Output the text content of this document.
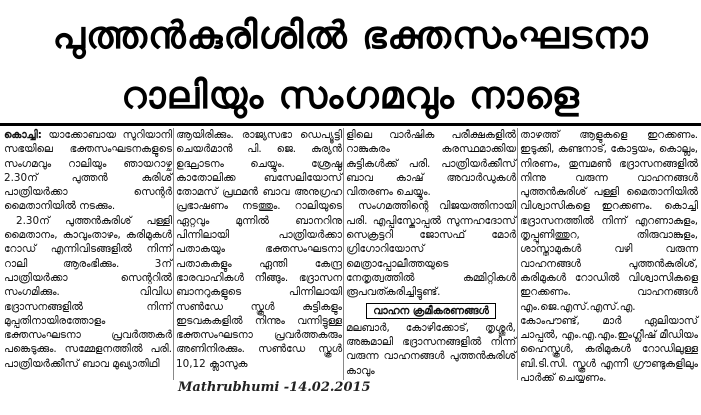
പുത്തൻകുരിശിൽ ഭക്തസംഘടനാ
റാലിയും സംഗമവും നാളെ

കൊച്ചി: യാക്കോബായ സുറിയാനി സഭയിലെ ഭക്തസംഘടനകളുടെ സംഗമവും റാലിയും ഞായറാഴ്ച 2.30ന് പുത്തൻ കുരിശ് പാത്രിയർക്കാ സെന്റർ മൈതാനിയിൽ നടക്കും.

2.30ന് പുത്തൻകുരിശ് പള്ളി മൈതാനം, കാവുംതാഴം, കരിമുകൾ റോഡ് എന്നിവിടങ്ങളിൽ നിന്ന് റാലി ആരംഭിക്കും. 3ന് പാത്രിയർക്കാ സെന്ററിൽ സംഗമിക്കും. വിവിധ ഭദ്രാസനങ്ങളിൽ നിന്ന് മുപ്പതിനായിരത്തോളം ഭക്തസംഘടനാ പ്രവർത്തകർ പങ്കെടുക്കും. സമ്മേളനത്തിൽ പരി. പാത്രിയർക്കീസ് ബാവ മുഖ്യാതിഥി

ആയിരിക്കും. രാജ്യസഭാ ഡെപ്യൂട്ടി ചെയർമാൻ പി. ജെ. കുര്യൻ ഉദ്ഘാടനം ചെയ്യും. ശ്രേഷ്ഠ കാതോലിക്ക ബസേലിയോസ് തോമസ് പ്രഥമൻ ബാവ അനുഗ്രഹ പ്രഭാഷണം നടത്തും. റാലിയുടെ ഏറ്റവും മുന്നിൽ ബാനറിനു പിന്നിലായി പാത്രിയർക്കാ പതാകയും ഭക്തസംഘടനാ പതാകകളും ഏന്തി കേന്ദ്ര ഭാരവാഹികൾ നീങ്ങും. ഭദ്രാസന ബാനറുകളുടെ പിന്നിലായി സൺഡേ സ്കൂൾ കുട്ടികളും ഇടവകകളിൽ നിന്നും വന്നിട്ടുള്ള ഭക്തസംഘടനാ പ്രവർത്തകരും അണിനിരക്കും. സൺഡേ സ്കൂൾ 10,12 ക്ലാസുക

ളിലെ വാർഷിക പരീക്ഷകളിൽ റാങ്കുകരം കരസ്ഥമാക്കിയ കുട്ടികൾക്ക് പരി. പാത്രിയർക്കീസ് ബാവ കാഷ് അവാർഡുകൾ വിതരണം ചെയ്യും.

സംഗമത്തിന്റെ വിജയത്തിനായി പരി. എപ്പിസ്കോപ്പൽ സുന്നഹദോസ് സെക്രട്ടറി ജോസഫ് മോർ ഗ്രിഗോറിയോസ് മെത്രാപ്പോലീത്തയുടെ നേതൃത്വത്തിൽ കമ്മിറ്റികൾ രൂപവത്കരിച്ചിട്ടുണ്ട്.

വാഹന ക്രമീകരണങ്ങൾ

മലബാർ, കോഴിക്കോട്, തൃശ്ശൂർ, അങ്കമാലി ഭദ്രാസനങ്ങളിൽ നിന്ന് വരുന്ന വാഹനങ്ങൾ പുത്തൻകുരിശ് കാവും

താഴത്ത് ആളുകളെ ഇറക്കണം. ഇടുക്കി, കണ്ടനാട്, കോട്ടയം, കൊല്ലം, നിരണം, തുമ്പമൺ ഭദ്രാസനങ്ങളിൽ നിന്നു വരുന്ന വാഹനങ്ങൾ പുത്തൻകുരിശ് പള്ളി മൈതാനിയിൽ വിശ്വാസികളെ ഇറക്കണം. കൊച്ചി ഭദ്രാസനത്തിൽ നിന്ന് എറണാകുളം, തൃപ്പൂണിത്തുറ, തിരുവാങ്കുളം, ശാസ്താമുകൾ വഴി വരുന്ന വാഹനങ്ങൾ പുത്തൻകുരിശ്, കരിമുകൾ റോഡിൽ വിശ്വാസികളെ ഇറക്കണം. വാഹനങ്ങൾ എം.ജെ.എസ്.എസ്.എ. കോംപൗണ്ട്, മാർ ഏലിയാസ് ചാപ്പൽ, എം.എ.എം.ഇംഗ്ലീഷ് മീഡിയം ഹൈസ്കൂൾ, കരിമുകൾ റോഡിലുള്ള ബി.ടി.സി. സ്കൂൾ എന്നീ ഗ്രൗണ്ടുകളിലും പാർക്ക് ചെയ്യണം.

Mathrubhumi -14.02.2015
